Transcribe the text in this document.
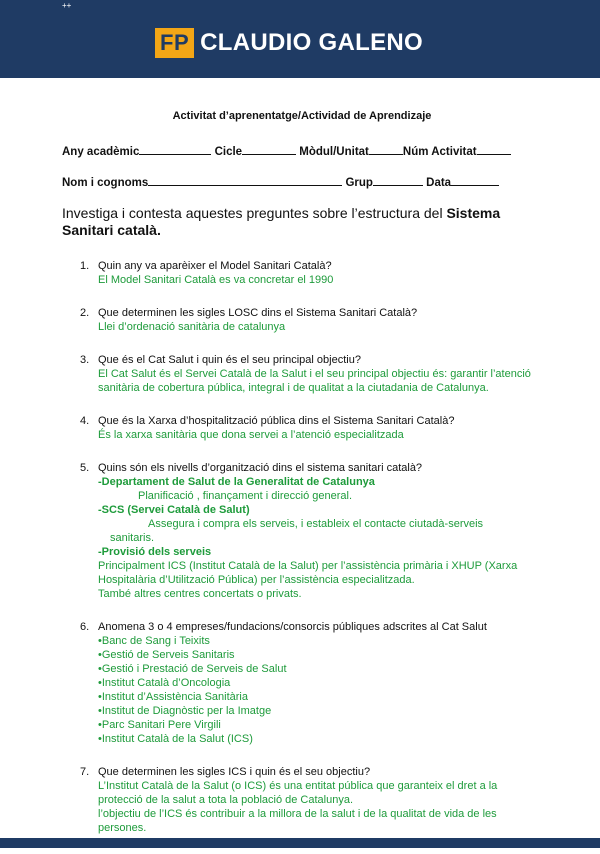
++
FP CLAUDIO GALENO

Activitat d’aprenentatge/Actividad de Aprendizaje

Any acadèmic	Cicle	Mòdul/Unitat	Núm Activitat
Nom i cognoms	Grup	Data
Investiga i contesta aquestes preguntes sobre l’estructura del Sistema Sanitari català.
1. Quin any va aparèixer el Model Sanitari Català?
El Model Sanitari Català es va concretar el 1990
2. Que determinen les sigles LOSC dins el Sistema Sanitari Català?
Llei d’ordenació sanitària de catalunya
3. Que és el Cat Salut i quin és el seu principal objectiu?
El Cat Salut és el Servei Català de la Salut i el seu principal objectiu és: garantir l’atenció sanitària de cobertura pública, integral i de qualitat a la ciutadania de Catalunya.
4. Que és la Xarxa d’hospitalització pública dins el Sistema Sanitari Català?
És la xarxa sanitària que dona servei a l’atenció especialitzada
5. Quins són els nivells d’organització dins el sistema sanitari català?
-Departament de Salut de la Generalitat de Catalunya
Planificació , finançament i direcció general.
-SCS (Servei Català de Salut)
Assegura i compra els serveis, i estableix el contacte ciutadà-serveis
sanitaris.
-Provisió dels serveis
Principalment ICS (Institut Català de la Salut) per l’assistència primària i XHUP (Xarxa Hospitalària d’Utilització Pública) per l’assistència especialitzada.
També altres centres concertats o privats.
6. Anomena 3 o 4 empreses/fundacions/consorcis públiques adscrites al Cat Salut
•Banc de Sang i Teixits
•Gestió de Serveis Sanitaris
•Gestió i Prestació de Serveis de Salut
•Institut Català d’Oncologia
•Institut d’Assistència Sanitària
•Institut de Diagnòstic per la Imatge
•Parc Sanitari Pere Virgili
•Institut Català de la Salut (ICS)
7. Que determinen les sigles ICS i quin és el seu objectiu?
L’Institut Català de la Salut (o ICS) és una entitat pública que garanteix el dret a la protecció de la salut a tota la població de Catalunya.
l’objectiu de l’ICS és contribuir a la millora de la salut i de la qualitat de vida de les persones.
